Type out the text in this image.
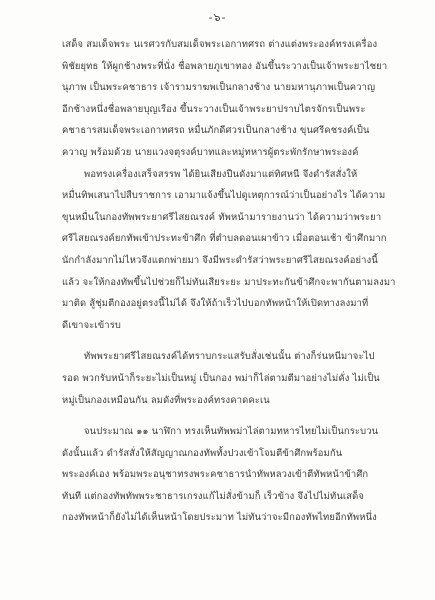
-๖-
เสด็จ สมเด็จพระ นเรศวรกับสมเด็จพระเอกาทศรถ ต่างแต่งพระองค์ทรงเครื่อง
พิชัยยุทธ ให้ผูกช้างพระที่นั่ง ชื่อพลายภูเขาทอง อันขึ้นระวางเป็นเจ้าพระยาไชยา
นุภาพ เป็นพระคชาธาร เจ้ารามราฆพเป็นกลางช้าง นายมหานุภาพเป็นควาญ
อีกช้างหนึ่งชื่อพลายบุญเรือง ขึ้นระวางเป็นเจ้าพระยาปราบไตรจักรเป็นพระ
คชาธารสมเด็จพระเอกาทศรถ หมื่นภักดีศวรเป็นกลางช้าง ขุนศรีคชรงค์เป็น
ควาญ พร้อมด้วย นายแวงจตุรงค์บาทและหมู่ทหารผู้ตระพักรักษาพระองค์
พอทรงเครื่องเสร็จสรรพ ได้ยินเสียงปืนดังมาแต่ทิศหนี จึงดำรัสสั่งให้
หมื่นทิพเสนาไปสืบราชการ เอามาแจ้งขึ้นไปดูเหตุการณ์ว่าเป็นอย่างไร ได้ความ
ขุนหมื่นในกองทัพพระยาศรีไสยณรงค์ ทัพหน้ามารายงานว่า ได้ความว่าพระยา
ศรีไสยณรงค์ยกทัพเข้าประทะข้าศึก ที่ตำบลดอนเผาข้าว เมื่อตอนเช้า ข้าศึกมาก
นักกำลังมากไม่ไหวจึงแตกพ่ายมา จึงมีพระดำรัสว่าพระยาศรีไสยณรงค์อย่างนี้
แล้ว จะให้กองทัพขึ้นไปช่วยก็ไม่ทันเสียระยะ มาประทะกันข้าศึกจะพากันตามลงมา
มาติด สู้ชุ่มตีกองอยู่ตรงนี้ไม่ได้ จึงให้ถ้าเร็วไปบอกทัพหน้าให้เปิดทางลงมาที่
ดีเขาจะเข้ารบ
ทัพพระยาศรีไสยณรงค์ได้ทราบกระแสรับสั่งเช่นนั้น ต่างก็ร่นหนีมาจะไป
รอด พวกรับหน้าก็ระยะไม่เป็นหมู่ เป็นกอง พม่าก็ไล่ตามตีมาอย่างไม่คั่ง ไม่เป็น
หมู่เป็นกองเหมือนกัน ลมดังที่พระองค์ทรงคาดคะเน
จนประมาณ ๑๑ นาฬิกา ทรงเห็นทัพพม่าไล่ตามทหารไทยไม่เป็นกระบวน
ดังนั้นแล้ว ดำรัสสั่งให้สัญญาณกองทัพทั้งปวงเข้าโจมตีข้าศึกพร้อมกัน
พระองค์เอง พร้อมพระอนุชาทรงพระคชาธารนำทัพหลวงเข้าตีทัพหน้าข้าศึก
ทันที แต่กองทัพทัพพระชาธารเกรงแก้ไม่สั่งข้ามก็ เร็วข้าง จึงไปไม่ทันเสด็จ
กองทัพหน้าก็ยังไม่ได้เห็นหน้าโดยประมาท ไม่ทันว่าจะมีกองทัพไทยอีกทัพหนึ่ง
